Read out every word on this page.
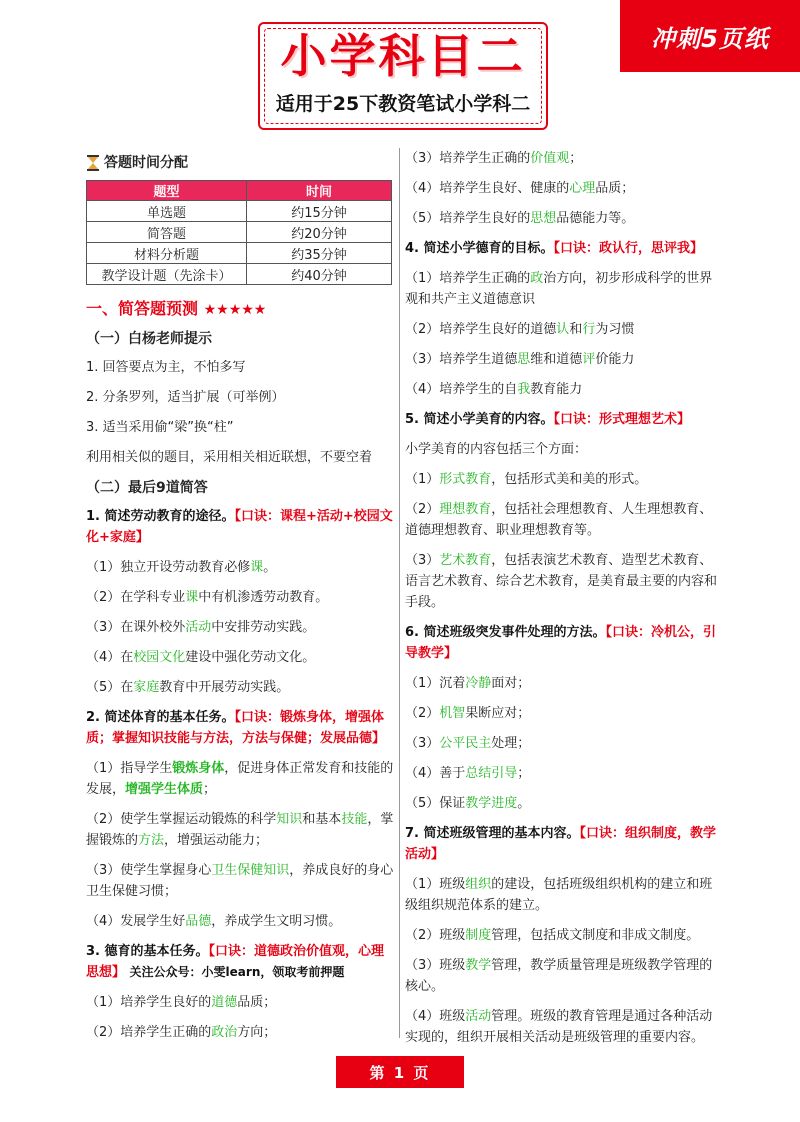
冲刺5页纸
小学科目二
适用于25下教资笔试小学科二
答题时间分配
题型	时间
单选题	约15分钟
简答题	约20分钟
材料分析题	约35分钟
教学设计题（先涂卡）	约40分钟
一、简答题预测 ★★★★★
（一）白杨老师提示
1. 回答要点为主，不怕多写
2. 分条罗列，适当扩展（可举例）
3. 适当采用偷“梁”换“柱”
利用相关似的题目，采用相关相近联想，不要空着
（二）最后9道简答
1. 简述劳动教育的途径。【口诀：课程+活动+校园文化+家庭】
（1）独立开设劳动教育必修课。
（2）在学科专业课中有机渗透劳动教育。
（3）在课外校外活动中安排劳动实践。
（4）在校园文化建设中强化劳动文化。
（5）在家庭教育中开展劳动实践。
2. 简述体育的基本任务。【口诀：锻炼身体，增强体质；掌握知识技能与方法，方法与保健；发展品德】
（1）指导学生锻炼身体，促进身体正常发育和技能的发展，增强学生体质；
（2）使学生掌握运动锻炼的科学知识和基本技能，掌握锻炼的方法，增强运动能力；
（3）使学生掌握身心卫生保健知识，养成良好的身心卫生保健习惯；
（4）发展学生好品德，养成学生文明习惯。
3. 德育的基本任务。【口诀：道德政治价值观，心理思想】 关注公众号：小雯learn，领取考前押题
（1）培养学生良好的道德品质；
（2）培养学生正确的政治方向；
（3）培养学生正确的价值观；
（4）培养学生良好、健康的心理品质；
（5）培养学生良好的思想品德能力等。
4. 简述小学德育的目标。【口诀：政认行，思评我】
（1）培养学生正确的政治方向，初步形成科学的世界观和共产主义道德意识
（2）培养学生良好的道德认和行为习惯
（3）培养学生道德思维和道德评价能力
（4）培养学生的自我教育能力
5. 简述小学美育的内容。【口诀：形式理想艺术】
小学美育的内容包括三个方面：
（1）形式教育，包括形式美和美的形式。
（2）理想教育，包括社会理想教育、人生理想教育、道德理想教育、职业理想教育等。
（3）艺术教育，包括表演艺术教育、造型艺术教育、语言艺术教育、综合艺术教育，是美育最主要的内容和手段。
6. 简述班级突发事件处理的方法。【口诀：冷机公，引导教学】
（1）沉着冷静面对；
（2）机智果断应对；
（3）公平民主处理；
（4）善于总结引导；
（5）保证教学进度。
7. 简述班级管理的基本内容。【口诀：组织制度，教学活动】
（1）班级组织的建设，包括班级组织机构的建立和班级组织规范体系的建立。
（2）班级制度管理，包括成文制度和非成文制度。
（3）班级教学管理，教学质量管理是班级教学管理的核心。
（4）班级活动管理。班级的教育管理是通过各种活动实现的，组织开展相关活动是班级管理的重要内容。
第 1 页
